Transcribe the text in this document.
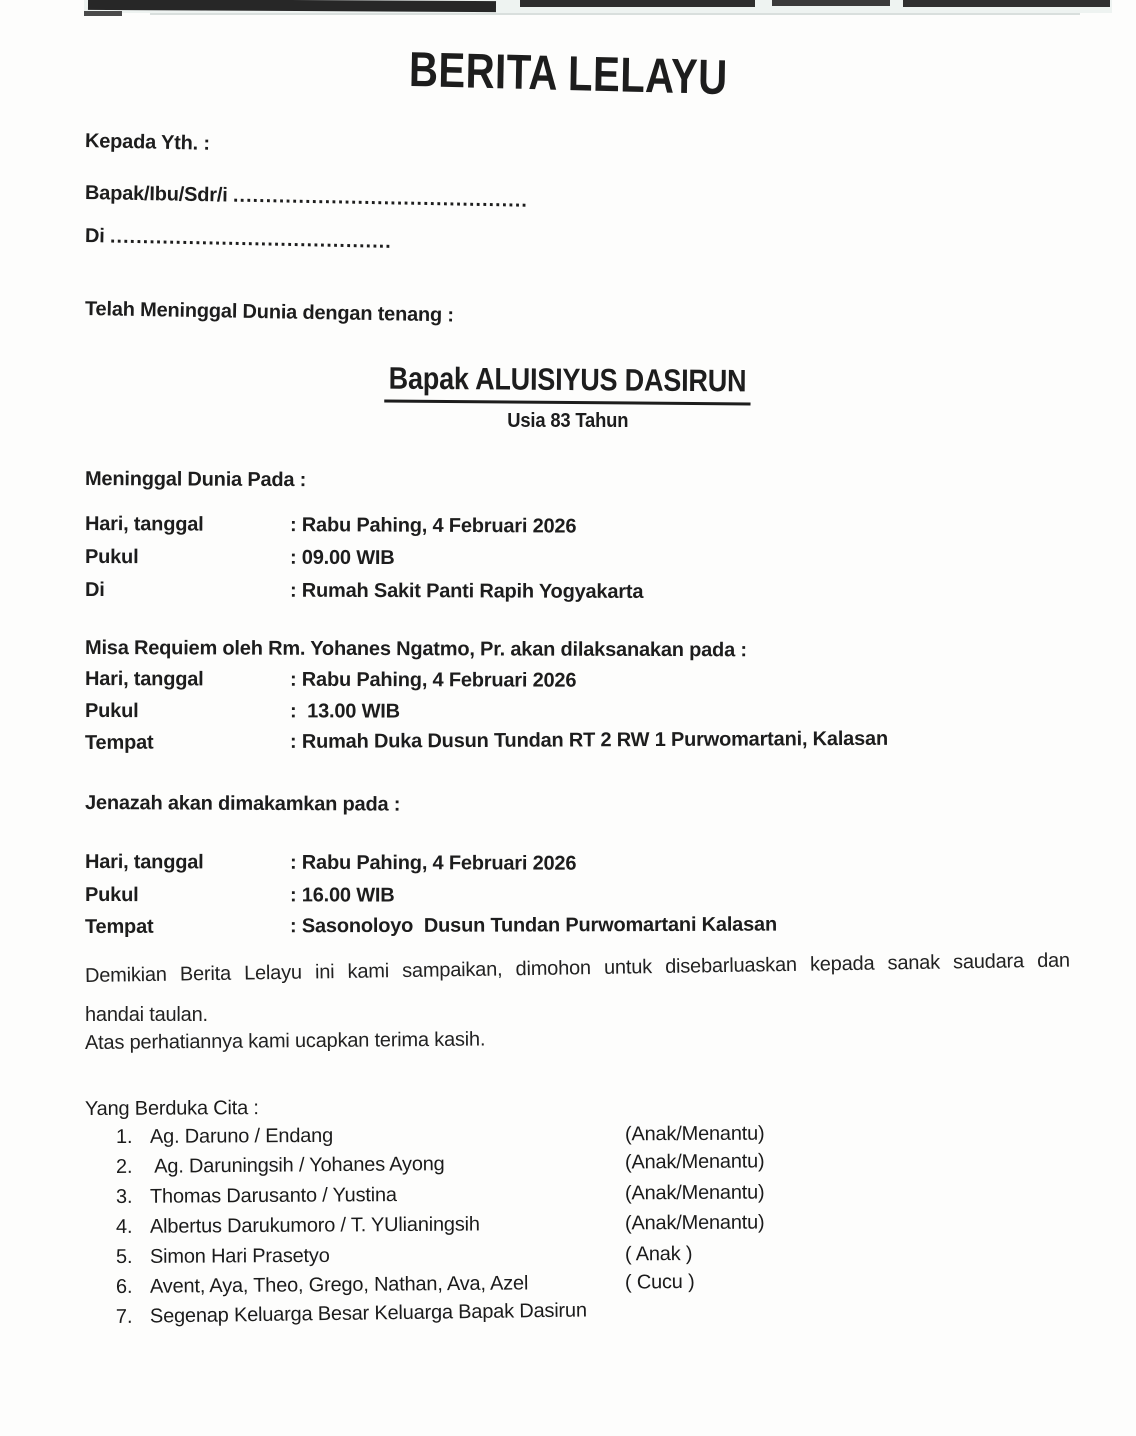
BERITA LELAYU
Kepada Yth. :
Bapak/Ibu/Sdr/i .............................................
Di ...........................................
Telah Meninggal Dunia dengan tenang :
Bapak ALUISIYUS DASIRUN
Usia 83 Tahun
Meninggal Dunia Pada :
Hari, tanggal	: Rabu Pahing, 4 Februari 2026
Pukul	: 09.00 WIB
Di	: Rumah Sakit Panti Rapih Yogyakarta
Misa Requiem oleh Rm. Yohanes Ngatmo, Pr. akan dilaksanakan pada :
Hari, tanggal	: Rabu Pahing, 4 Februari 2026
Pukul	:  13.00 WIB
Tempat	: Rumah Duka Dusun Tundan RT 2 RW 1 Purwomartani, Kalasan
Jenazah akan dimakamkan pada :
Hari, tanggal	: Rabu Pahing, 4 Februari 2026
Pukul	: 16.00 WIB
Tempat	: Sasonoloyo  Dusun Tundan Purwomartani Kalasan
Demikian Berita Lelayu ini kami sampaikan, dimohon untuk disebarluaskan kepada sanak saudara dan
handai taulan.
Atas perhatiannya kami ucapkan terima kasih.
Yang Berduka Cita :
1. Ag. Daruno / Endang	(Anak/Menantu)
2. Ag. Daruningsih / Yohanes Ayong	(Anak/Menantu)
3. Thomas Darusanto / Yustina	(Anak/Menantu)
4. Albertus Darukumoro / T. YUlianingsih	(Anak/Menantu)
5. Simon Hari Prasetyo	( Anak )
6. Avent, Aya, Theo, Grego, Nathan, Ava, Azel	( Cucu )
7. Segenap Keluarga Besar Keluarga Bapak Dasirun
